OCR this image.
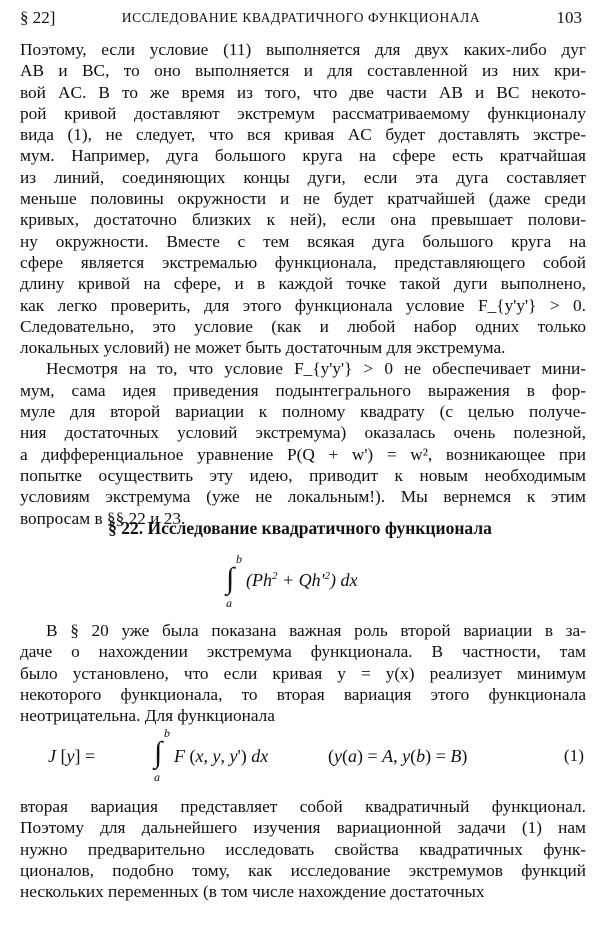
§ 22]	ИССЛЕДОВАНИЕ КВАДРАТИЧНОГО ФУНКЦИОНАЛА	103
Поэтому, если условие (11) выполняется для двух каких-либо дуг
AB и BC, то оно выполняется и для составленной из них кри-
вой AC. В то же время из того, что две части AB и BC некото-
рой кривой доставляют экстремум рассматриваемому функционалу
вида (1), не следует, что вся кривая AC будет доставлять экстре-
мум. Например, дуга большого круга на сфере есть кратчайшая
из линий, соединяющих концы дуги, если эта дуга составляет
меньше половины окружности и не будет кратчайшей (даже среди
кривых, достаточно близких к ней), если она превышает полови-
ну окружности. Вместе с тем всякая дуга большого круга на
сфере является экстремалью функционала, представляющего собой
длину кривой на сфере, и в каждой точке такой дуги выполнено,
как легко проверить, для этого функционала условие F_{y'y'} > 0.
Следовательно, это условие (как и любой набор одних только
локальных условий) не может быть достаточным для экстремума.
Несмотря на то, что условие F_{y'y'} > 0 не обеспечивает мини-
мум, сама идея приведения подынтегрального выражения в фор-
муле для второй вариации к полному квадрату (с целью получе-
ния достаточных условий экстремума) оказалась очень полезной,
а дифференциальное уравнение P(Q + w') = w², возникающее при
попытке осуществить эту идею, приводит к новым необходимым
условиям экстремума (уже не локальным!). Мы вернемся к этим
вопросам в §§ 22 и 23.
§ 22. Исследование квадратичного функционала
b
∫
a
$(Ph^2 + Qh'^2)$ dx
В § 20 уже была показана важная роль второй вариации в за-
даче о нахождении экстремума функционала. В частности, там
было установлено, что если кривая y = y(x) реализует минимум
некоторого функционала, то вторая вариация этого функционала
неотрицательна. Для функционала
J [y] =
b
∫
a
F (x, y, y') dx	(y(a) = A, y(b) = B)	(1)
вторая вариация представляет собой квадратичный функционал.
Поэтому для дальнейшего изучения вариационной задачи (1) нам
нужно предварительно исследовать свойства квадратичных функ-
ционалов, подобно тому, как исследование экстремумов функций
нескольких переменных (в том числе нахождение достаточных
